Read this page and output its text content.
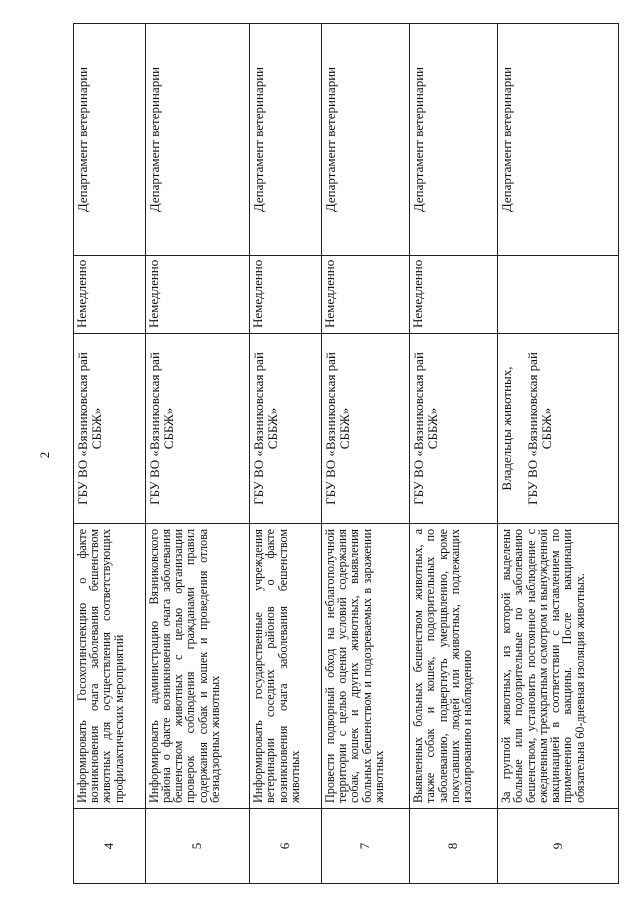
2
4	Информировать Госохотинспекцию о факте возникновения очага заболевания бешенством животных для осуществления соответствующих профилактических мероприятий	ГБУ ВО «Вязниковская рай СББЖ»	Немедленно	Департамент ветеринарии
5	Информировать администрацию Вязниковского района о факте возникновения очага заболевания бешенством животных с целью организации проверок соблюдения гражданами правил содержания собак и кошек и проведения отлова безнадзорных животных	ГБУ ВО «Вязниковская рай СББЖ»	Немедленно	Департамент ветеринарии
6	Информировать государственные учреждения ветеринарии соседних районов о факте возникновения очага заболевания бешенством животных	ГБУ ВО «Вязниковская рай СББЖ»	Немедленно	Департамент ветеринарии
7	Провести подворный обход на неблагополучной территории с целью оценки условий содержания собак, кошек и других животных, выявления больных бешенством и подозреваемых в заражении животных	ГБУ ВО «Вязниковская рай СББЖ»	Немедленно	Департамент ветеринарии
8	Выявленных больных бешенством животных, а также собак и кошек, подозрительных по заболеванию, подвергнуть умерщвлению, кроме покусавших людей или животных, подлежащих изолированию и наблюдению	ГБУ ВО «Вязниковская рай СББЖ»	Немедленно	Департамент ветеринарии
9	За группой животных, из которой выделены больные или подозрительные по заболеванию бешенством, установить постоянное наблюдение с ежедневным трехкратным осмотром и вынужденной вакцинацией в соответствии с наставлением по применению вакцины. После вакцинации обязательна 60-дневная изоляция животных.	Владельцы животных, ГБУ ВО «Вязниковская рай СББЖ»		Департамент ветеринарии
